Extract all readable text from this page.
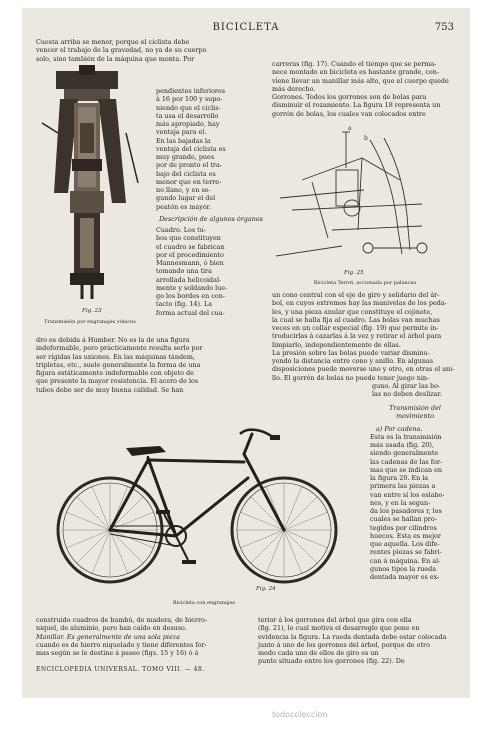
BICICLETA	753

Cuesta arriba se menor, porque el ciclista debe

vencer el trabajo de la gravedad, no ya de su cuerpo

solo, sino también de la máquina que monta. Por

Fig. 23
Transmisión por engranajes cónicos

pendientes inferiores

á 16 por 100 y supo-

niendo que el ciclis-

ta usa el desarrollo

más apropiado, hay

ventaja para el.

En las bajadas la

ventaja del ciclista es

muy grande, pues

por de pronto el tra-

bajo del ciclista es

menor que en terre-

no llano, y en se-

gundo lugar el del

peatón es mayor.

Descripción de algunos órganos

Cuadro. Los tu-

bos que constituyen

el cuadro se fabrican

por el procedimiento

Mannesmann, ó bien

tomando una tira

arrollada helicoidal-

mente y soldando lue-

go los bordes en con-

tacto (fig. 14). La

forma actual del cua-

dro es debida á Humber. No es la de una figura

indeformable, pero prácticamente resulta serlo por

ser rígidas las uniones. En las máquinas tándem,

tripletas, etc., suele generalmente la forma de una

figura estáticamente indeformable con objeto de

que presente la mayor resistencia. El acero de los

tubos debe ser de muy buena calidad. Se han

carreras (fig. 17). Cuando el tiempo que se perma-

nece montado en bicicleta es bastante grande, con-

viene llevar un manillar más alto, que el cuerpo quede

más derecho.

Gorrones. Todos los gorrones son de bolas para

disminuir el rozamiento. La figura 18 representa un

gorrón de bolas, los cuales van colocados entre

b
a
Fig. 25
Bicicleta Terrot, accionada por palancas

un cono central con el eje de giro y solidario del ár-

bol, en cuyos extremos hay las manivelas de los peda-

les, y una pieza anular que constituye el cojinete,

la cual se halla fija al cuadro. Las bolas van muchas

veces en un collar especial (fig. 19) que permite in-

troducirlas á cazarlas á la vez y retirar el árbol para

limpiarlo, independientemente de ellas.

La presión sobre las bolas puede variar disminu-

yendo la distancia entre cono y anillo. En algunas

disposiciones puede moverse uno y otro, en otras el ani-

llo. El gorrón de bolas no puede tener juego nin-

guno. Al girar las bo-

las no deben deslizar.

Transmisión del movimiento

a) Por cadena.

Esta es la transmisión

más usada (fig. 20),

siendo generalmente

las cadenas de las for-

mas que se indican en

la figura 20. En la

primera las piezas a

van entre sí los eslabo-

nes, y en la segun-

da los pasadores r, los

cuales se hallan pro-

tegidos por cilindros

huecos. Esta es mejor

que aquella. Los dife-

rentes piezas se fabri-

can á máquina. En al-

gunos tipos la rueda

dentada mayor es ex-

Fig. 24
Bicicleta con engranajes

construido cuadros de bambú, de madera, de hierro-

niquel, de aluminio, pero han caído en desuso.

Manillar. Es generalmente de una sola pieza

cuando es de hierro niquelado y tiene diferentes for-

mas según se le destine á paseo (figs. 15 y 16) ó á

terior á los gorrones del árbol que gira con ella

(fig. 21), lo cual motiva el desarreglo que pone en

evidencia la figura. La rueda dentada debe estar colocada

junto á uno de los gorrones del árbol, porque de otro

modo cada uno de ellos de giro es un

punto situado entre los gorrones (fig. 22). De

ENCICLOPEDIA UNIVERSAL. TOMO VIII. — 48.
todocoleccion
